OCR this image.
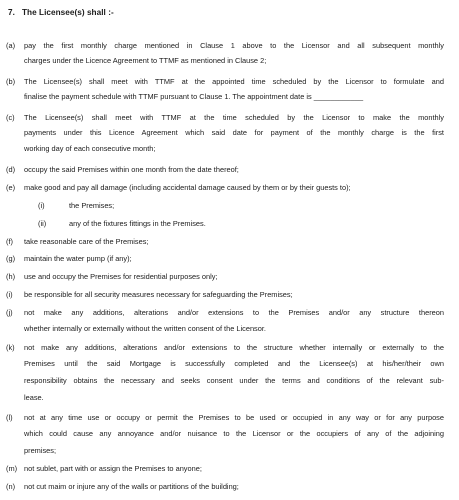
7. The Licensee(s) shall :-
(a) pay the first monthly charge mentioned in Clause 1 above to the Licensor and all subsequent monthly
charges under the Licence Agreement to TTMF as mentioned in Clause 2;
(b) The Licensee(s) shall meet with TTMF at the appointed time scheduled by the Licensor to formulate and
finalise the payment schedule with TTMF pursuant to Clause 1. The appointment date is ____________
(c) The Licensee(s) shall meet with TTMF at the time scheduled by the Licensor to make the monthly
payments under this Licence Agreement which said date for payment of the monthly charge is the first
working day of each consecutive month;
(d) occupy the said Premises within one month from the date thereof;
(e) make good and pay all damage (including accidental damage caused by them or by their guests to);
(i)	the Premises;
(ii)	any of the fixtures fittings in the Premises.
(f) take reasonable care of the Premises;
(g) maintain the water pump (if any);
(h) use and occupy the Premises for residential purposes only;
(i) be responsible for all security measures necessary for safeguarding the Premises;
(j) not make any additions, alterations and/or extensions to the Premises and/or any structure thereon
whether internally or externally without the written consent of the Licensor.
(k) not make any additions, alterations and/or extensions to the structure whether internally or externally to the
Premises until the said Mortgage is successfully completed and the Licensee(s) at his/her/their own
responsibility obtains the necessary and seeks consent under the terms and conditions of the relevant sub-
lease.
(l) not at any time use or occupy or permit the Premises to be used or occupied in any way or for any purpose
which could cause any annoyance and/or nuisance to the Licensor or the occupiers of any of the adjoining
premises;
(m) not sublet, part with or assign the Premises to anyone;
(n) not cut maim or injure any of the walls or partitions of the building;
